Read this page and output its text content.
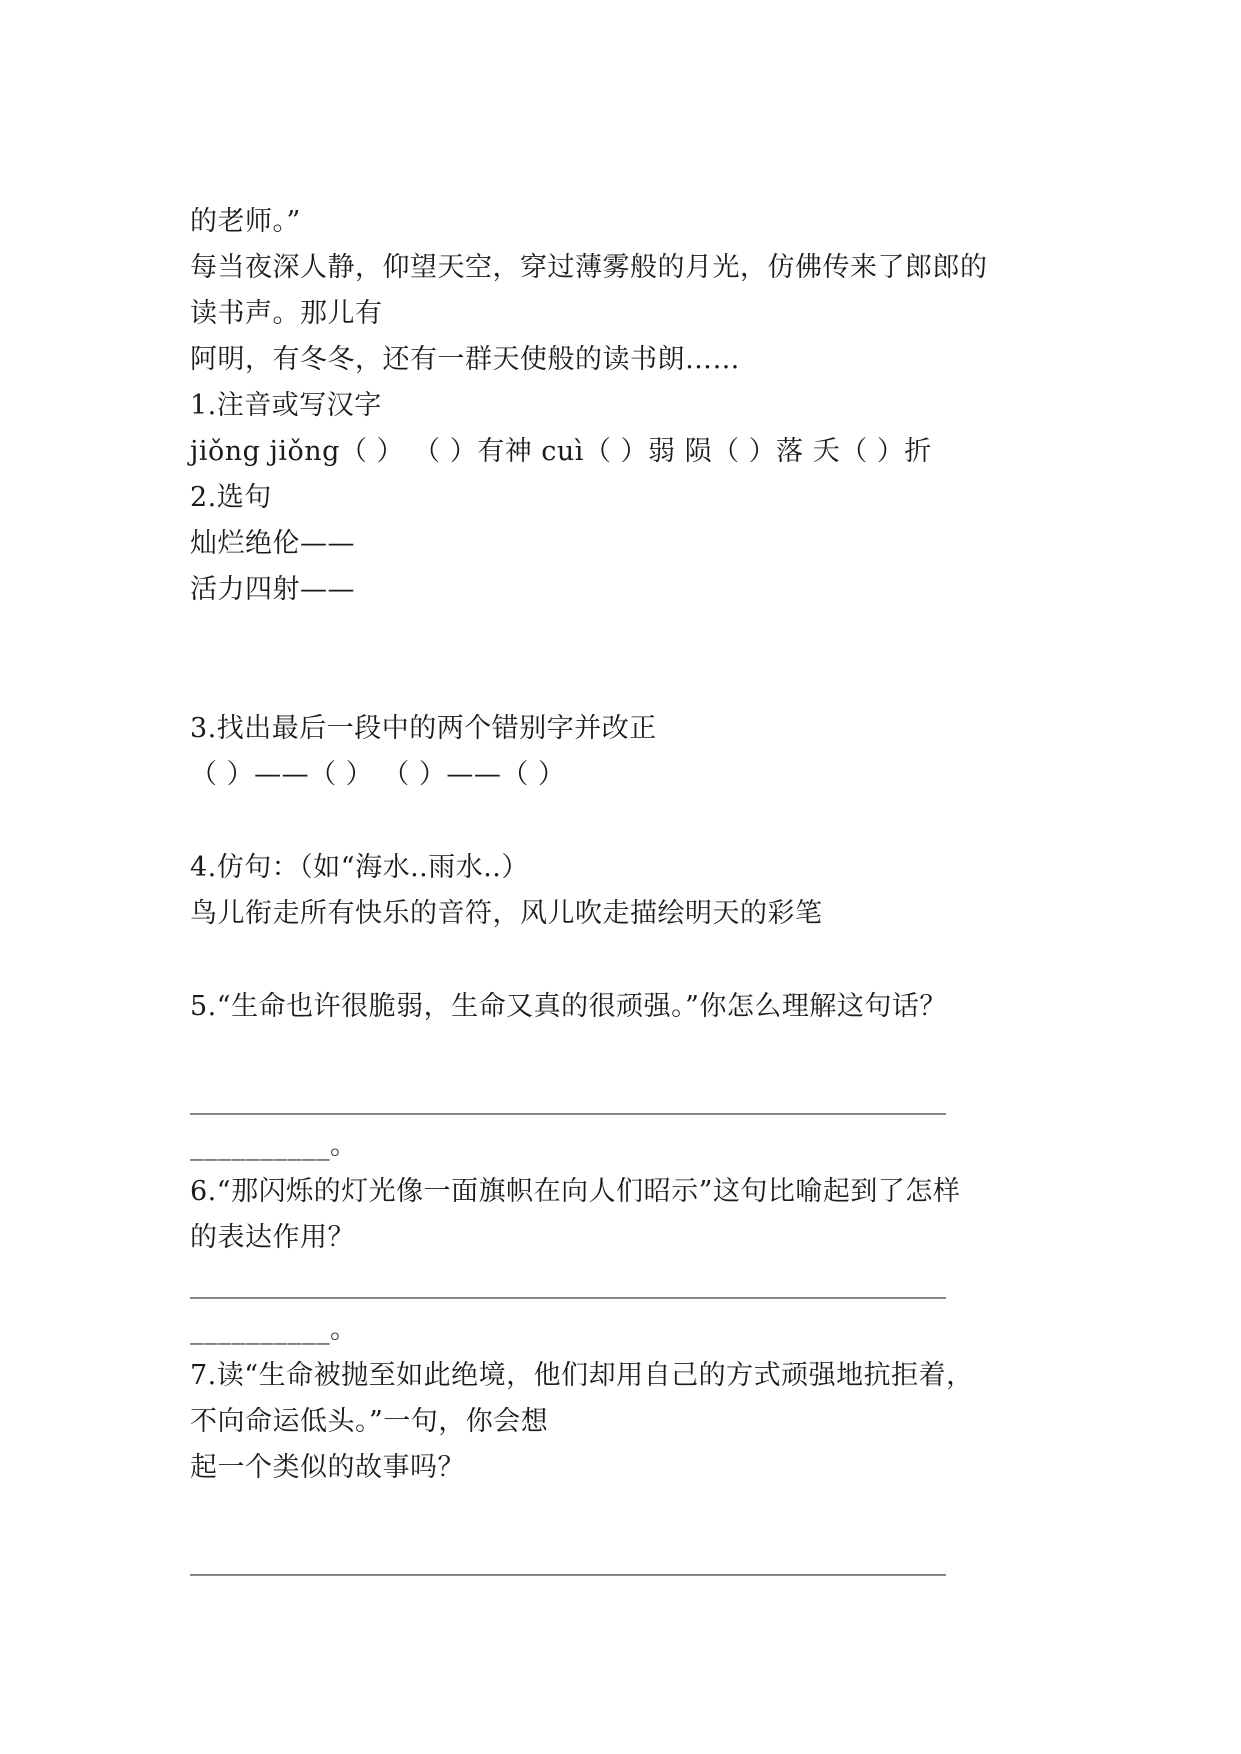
的老师。”
每当夜深人静，仰望天空，穿过薄雾般的月光，仿佛传来了郎郎的
读书声。那儿有
阿明，有冬冬，还有一群天使般的读书朗……
1.注音或写汉字
jiǒng jiǒng（ ） （ ）有神 cuì（ ）弱 陨（ ）落 夭（ ）折
2.选句
灿烂绝伦——
活力四射——
3.找出最后一段中的两个错别字并改正
（ ）——（ ） （ ）——（ ）
4.仿句：（如“海水..雨水..）
鸟儿衔走所有快乐的音符，风儿吹走描绘明天的彩笔
5.“生命也许很脆弱，生命又真的很顽强。”你怎么理解这句话？
________________________________________________________
__________。
6.“那闪烁的灯光像一面旗帜在向人们昭示”这句比喻起到了怎样
的表达作用？
________________________________________________________
__________。
7.读“生命被抛至如此绝境，他们却用自己的方式顽强地抗拒着，
不向命运低头。”一句，你会想
起一个类似的故事吗？
________________________________________________________
